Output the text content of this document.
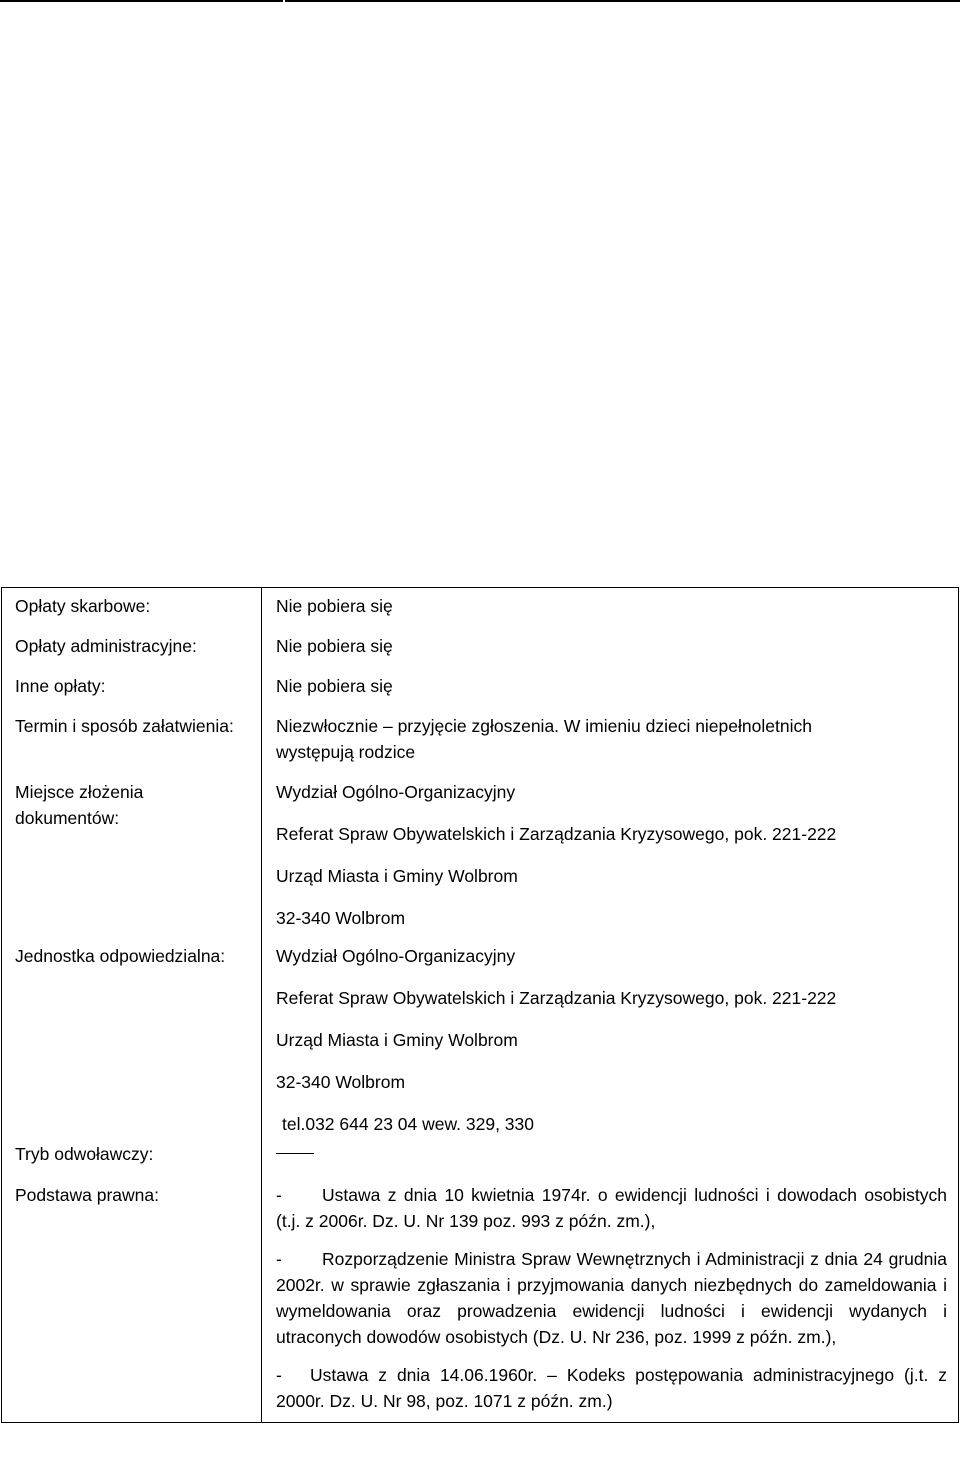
Opłaty skarbowe:	Nie pobiera się
Opłaty administracyjne:	Nie pobiera się
Inne opłaty:	Nie pobiera się
Termin i sposób załatwienia:	Niezwłocznie – przyjęcie zgłoszenia. W imieniu dzieci niepełnoletnich
występują rodzice

Miejsce złożenia dokumentów:	Wydział Ogólno-Organizacyjny
Referat Spraw Obywatelskich i Zarządzania Kryzysowego, pok. 221-222
Urząd Miasta i Gminy Wolbrom
32-340 Wolbrom

Jednostka odpowiedzialna:	Wydział Ogólno-Organizacyjny
Referat Spraw Obywatelskich i Zarządzania Kryzysowego, pok. 221-222
Urząd Miasta i Gminy Wolbrom
32-340 Wolbrom
tel.032 644 23 04 wew. 329, 330

Tryb odwoławczy:	
Podstawa prawna:	- Ustawa z dnia 10 kwietnia 1974r. o ewidencji ludności i dowodach osobistych (t.j. z 2006r. Dz. U. Nr 139 poz. 993 z późn. zm.),

- Rozporządzenie Ministra Spraw Wewnętrznych i Administracji z dnia 24 grudnia 2002r. w sprawie zgłaszania i przyjmowania danych niezbędnych do zameldowania i wymeldowania oraz prowadzenia ewidencji ludności i ewidencji wydanych i utraconych dowodów osobistych (Dz. U. Nr 236, poz. 1999 z późn. zm.),

- Ustawa z dnia 14.06.1960r. – Kodeks postępowania administracyjnego (j.t. z 2000r. Dz. U. Nr 98, poz. 1071 z późn. zm.)
